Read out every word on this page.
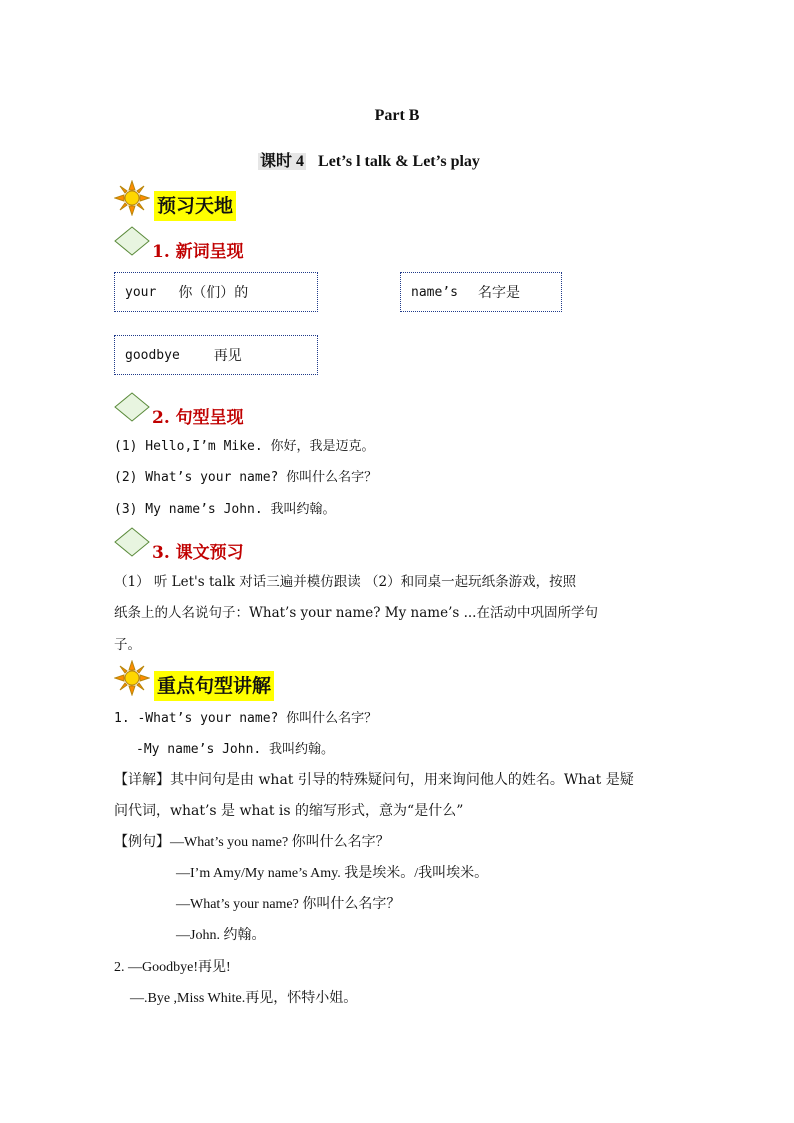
Part B
课时 4 Let’s l talk & Let’s play
预习天地
1. 新词呈现
your 你（们）的	name’s 名字是
goodbye 再见
2. 句型呈现
(1) Hello,I’m Mike. 你好，我是迈克。
(2) What’s your name? 你叫什么名字？
(3) My name’s John. 我叫约翰。
3. 课文预习
（1） 听 Let's talk 对话三遍并模仿跟读 （2）和同桌一起玩纸条游戏，按照
纸条上的人名说句子：What’s your name? My name’s ...在活动中巩固所学句
子。
重点句型讲解
1. -What’s your name? 你叫什么名字？
-My name’s John. 我叫约翰。
【详解】其中问句是由 what 引导的特殊疑问句，用来询问他人的姓名。What 是疑
问代词，what’s 是 what is 的缩写形式，意为“是什么”
【例句】—What’s you name? 你叫什么名字？
—I’m Amy/My name’s Amy. 我是埃米。/我叫埃米。
—What’s your name? 你叫什么名字？
—John. 约翰。
2. —Goodbye!再见!
—.Bye ,Miss White.再见，怀特小姐。
